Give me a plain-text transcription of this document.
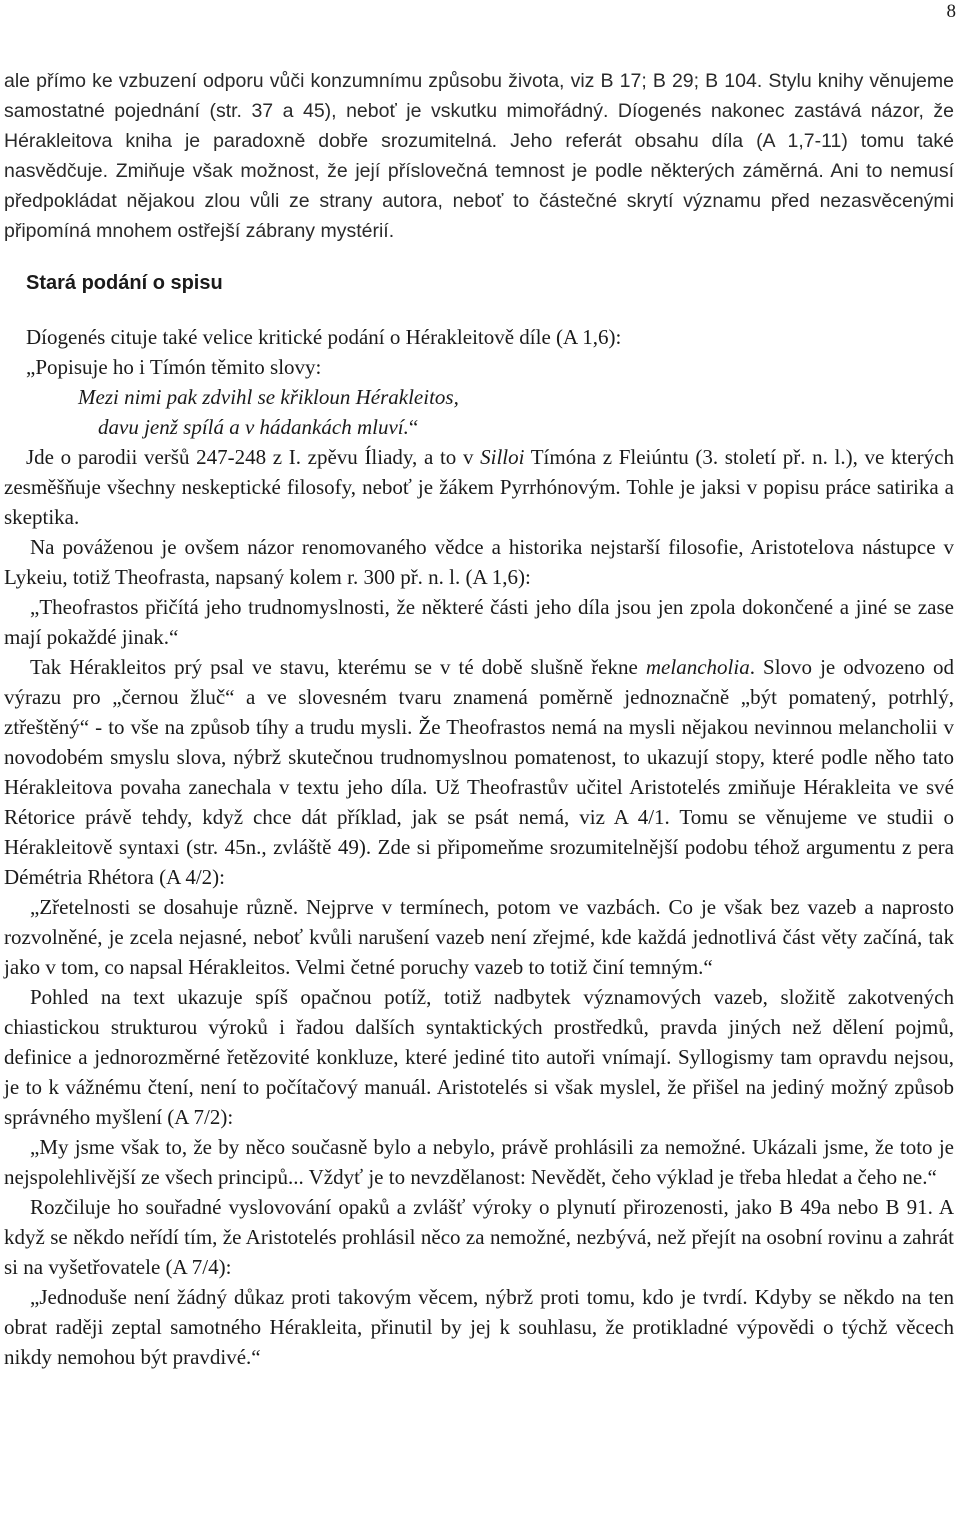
8

ale přímo ke vzbuzení odporu vůči konzumnímu způsobu života, viz B 17; B 29; B 104. Stylu knihy věnujeme samostatné pojednání (str. 37 a 45), neboť je vskutku mimořádný. Díogenés nakonec zastává názor, že Hérakleitova kniha je paradoxně dobře srozumitelná. Jeho referát obsahu díla (A 1,7-11) tomu také nasvědčuje. Zmiňuje však možnost, že její příslovečná temnost je podle některých záměrná. Ani to nemusí předpokládat nějakou zlou vůli ze strany autora, neboť to částečné skrytí významu před nezasvěcenými připomíná mnohem ostřejší zábrany mystérií.

Stará podání o spisu

Díogenés cituje také velice kritické podání o Hérakleitově díle (A 1,6):

„Popisuje ho i Tímón těmito slovy:

Mezi nimi pak zdvihl se křikloun Hérakleitos,

davu jenž spílá a v hádankách mluví.“

Jde o parodii veršů 247-248 z I. zpěvu Íliady, a to v Silloi Tímóna z Fleiúntu (3. století př. n. l.), ve kterých zesměšňuje všechny neskeptické filosofy, neboť je žákem Pyrrhónovým. Tohle je jaksi v popisu práce satirika a skeptika.

Na pováženou je ovšem názor renomovaného vědce a historika nejstarší filosofie, Aristotelova nástupce v Lykeiu, totiž Theofrasta, napsaný kolem r. 300 př. n. l. (A 1,6):

„Theofrastos přičítá jeho trudnomyslnosti, že některé části jeho díla jsou jen zpola dokončené a jiné se zase mají pokaždé jinak.“

Tak Hérakleitos prý psal ve stavu, kterému se v té době slušně řekne melancholia. Slovo je odvozeno od výrazu pro „černou žluč“ a ve slovesném tvaru znamená poměrně jednoznačně „být pomatený, potrhlý, ztřeštěný“ - to vše na způsob tíhy a trudu mysli. Že Theofrastos nemá na mysli nějakou nevinnou melancholii v novodobém smyslu slova, nýbrž skutečnou trudnomyslnou pomatenost, to ukazují stopy, které podle něho tato Hérakleitova povaha zanechala v textu jeho díla. Už Theofrastův učitel Aristotelés zmiňuje Hérakleita ve své Rétorice právě tehdy, když chce dát příklad, jak se psát nemá, viz A 4/1. Tomu se věnujeme ve studii o Hérakleitově syntaxi (str. 45n., zvláště 49). Zde si připomeňme srozumitelnější podobu téhož argumentu z pera Démétria Rhétora (A 4/2):

„Zřetelnosti se dosahuje různě. Nejprve v termínech, potom ve vazbách. Co je však bez vazeb a naprosto rozvolněné, je zcela nejasné, neboť kvůli narušení vazeb není zřejmé, kde každá jednotlivá část věty začíná, tak jako v tom, co napsal Hérakleitos. Velmi četné poruchy vazeb to totiž činí temným.“

Pohled na text ukazuje spíš opačnou potíž, totiž nadbytek významových vazeb, složitě zakotvených chiastickou strukturou výroků i řadou dalších syntaktických prostředků, pravda jiných než dělení pojmů, definice a jednorozměrné řetězovité konkluze, které jediné tito autoři vnímají. Syllogismy tam opravdu nejsou, je to k vážnému čtení, není to počítačový manuál. Aristotelés si však myslel, že přišel na jediný možný způsob správného myšlení (A 7/2):

„My jsme však to, že by něco současně bylo a nebylo, právě prohlásili za nemožné. Ukázali jsme, že toto je nejspolehlivější ze všech principů... Vždyť je to nevzdělanost: Nevědět, čeho výklad je třeba hledat a čeho ne.“

Rozčiluje ho souřadné vyslovování opaků a zvlášť výroky o plynutí přirozenosti, jako B 49a nebo B 91. A když se někdo neřídí tím, že Aristotelés prohlásil něco za nemožné, nezbývá, než přejít na osobní rovinu a zahrát si na vyšetřovatele (A 7/4):

„Jednoduše není žádný důkaz proti takovým věcem, nýbrž proti tomu, kdo je tvrdí. Kdyby se někdo na ten obrat raději zeptal samotného Hérakleita, přinutil by jej k souhlasu, že protikladné výpovědi o týchž věcech nikdy nemohou být pravdivé.“
